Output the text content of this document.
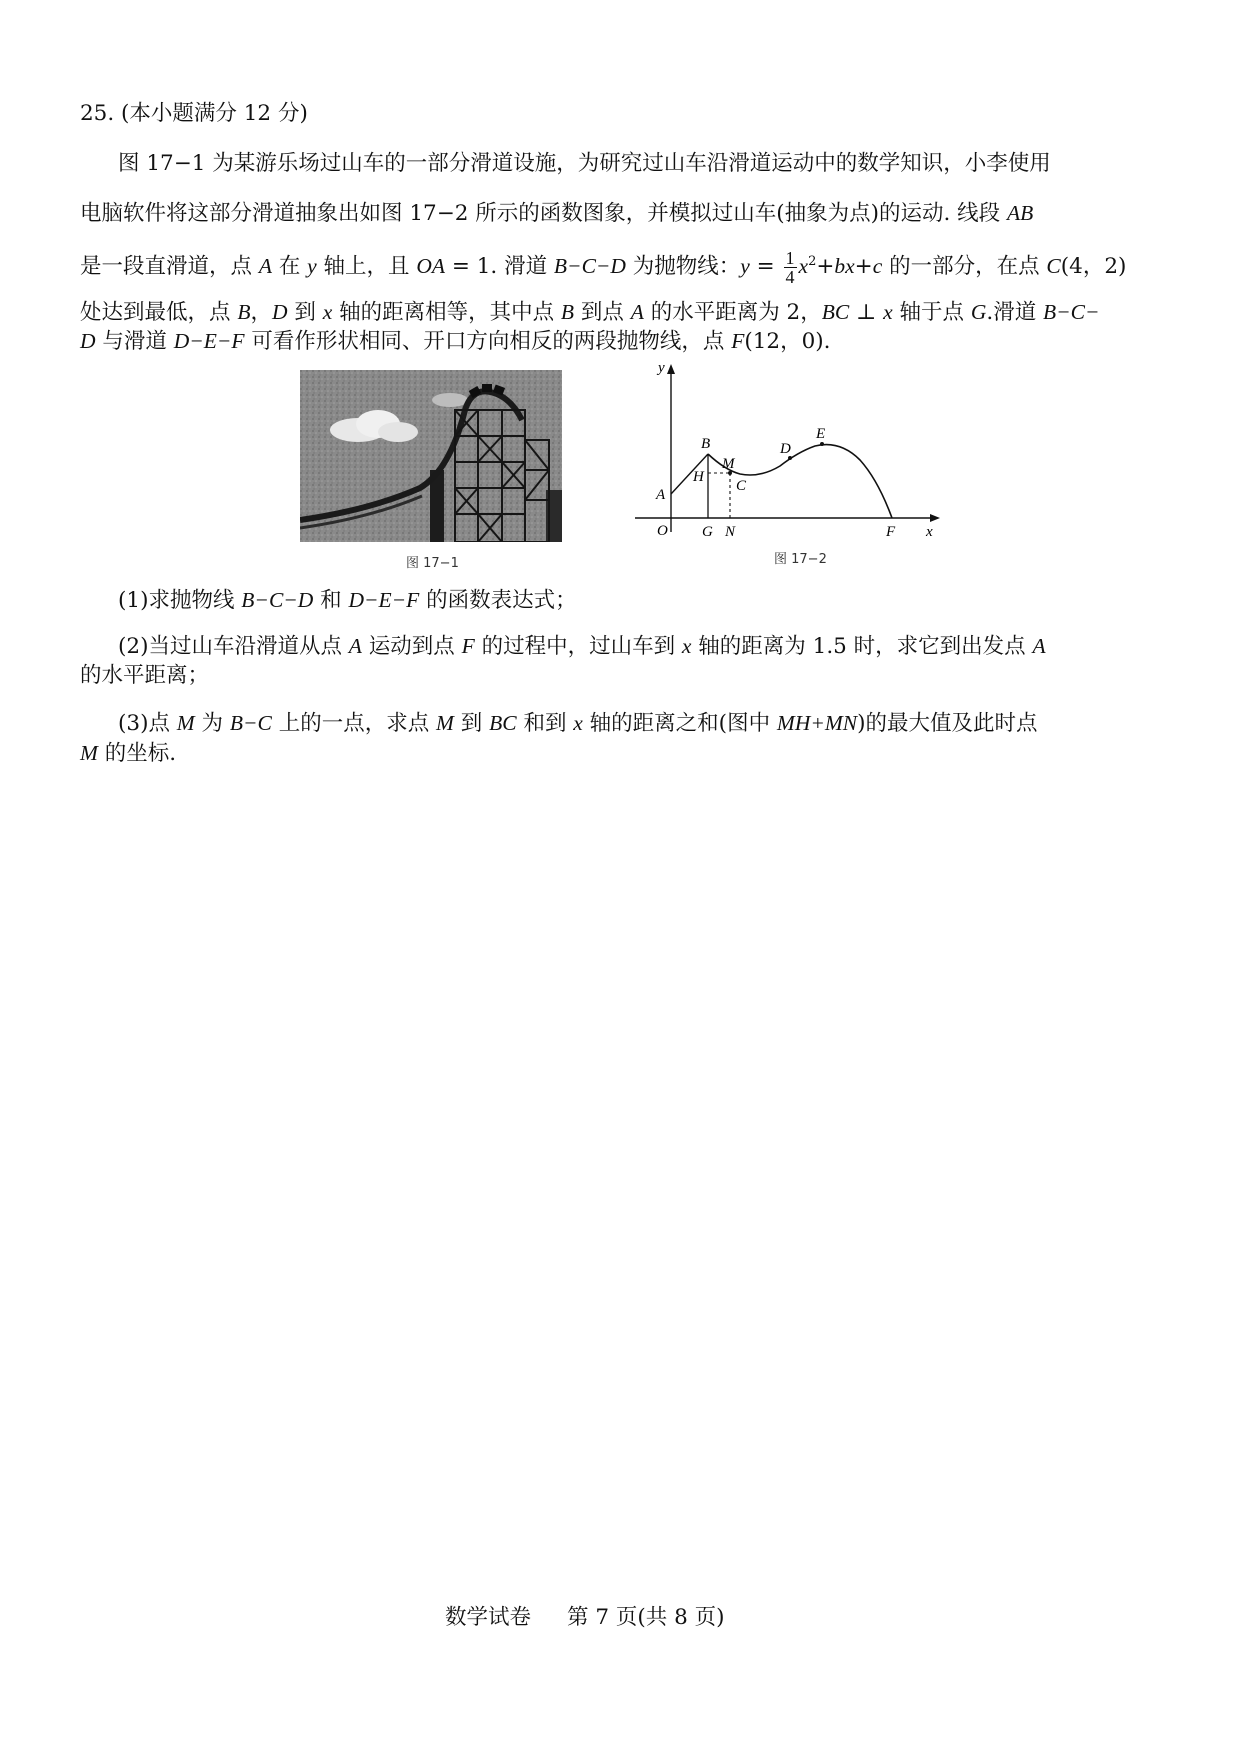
25. (本小题满分 12 分)
图 17−1 为某游乐场过山车的一部分滑道设施，为研究过山车沿滑道运动中的数学知识，小李使用
电脑软件将这部分滑道抽象出如图 17−2 所示的函数图象，并模拟过山车(抽象为点)的运动. 线段 AB
是一段直滑道，点 A 在 y 轴上，且 OA = 1. 滑道 B−C−D 为抛物线：$y = \frac{1}{4} x^2+bx+c$ 的一部分，在点 C(4，2)
处达到最低，点 B，D 到 x 轴的距离相等，其中点 B 到点 A 的水平距离为 2，BC ⊥ x 轴于点 G.滑道 B−C−
D 与滑道 D−E−F 可看作形状相同、开口方向相反的两段抛物线，点 F(12，0).
图 17−1
y
x
O
A
B
H
M
C
D
E
G N	F
图 17−2
(1)求抛物线 B−C−D 和 D−E−F 的函数表达式；
(2)当过山车沿滑道从点 A 运动到点 F 的过程中，过山车到 x 轴的距离为 1.5 时，求它到出发点 A
的水平距离；
(3)点 M 为 B−C 上的一点，求点 M 到 BC 和到 x 轴的距离之和(图中 MH+MN)的最大值及此时点
M 的坐标.
数学试卷 第 7 页(共 8 页)
